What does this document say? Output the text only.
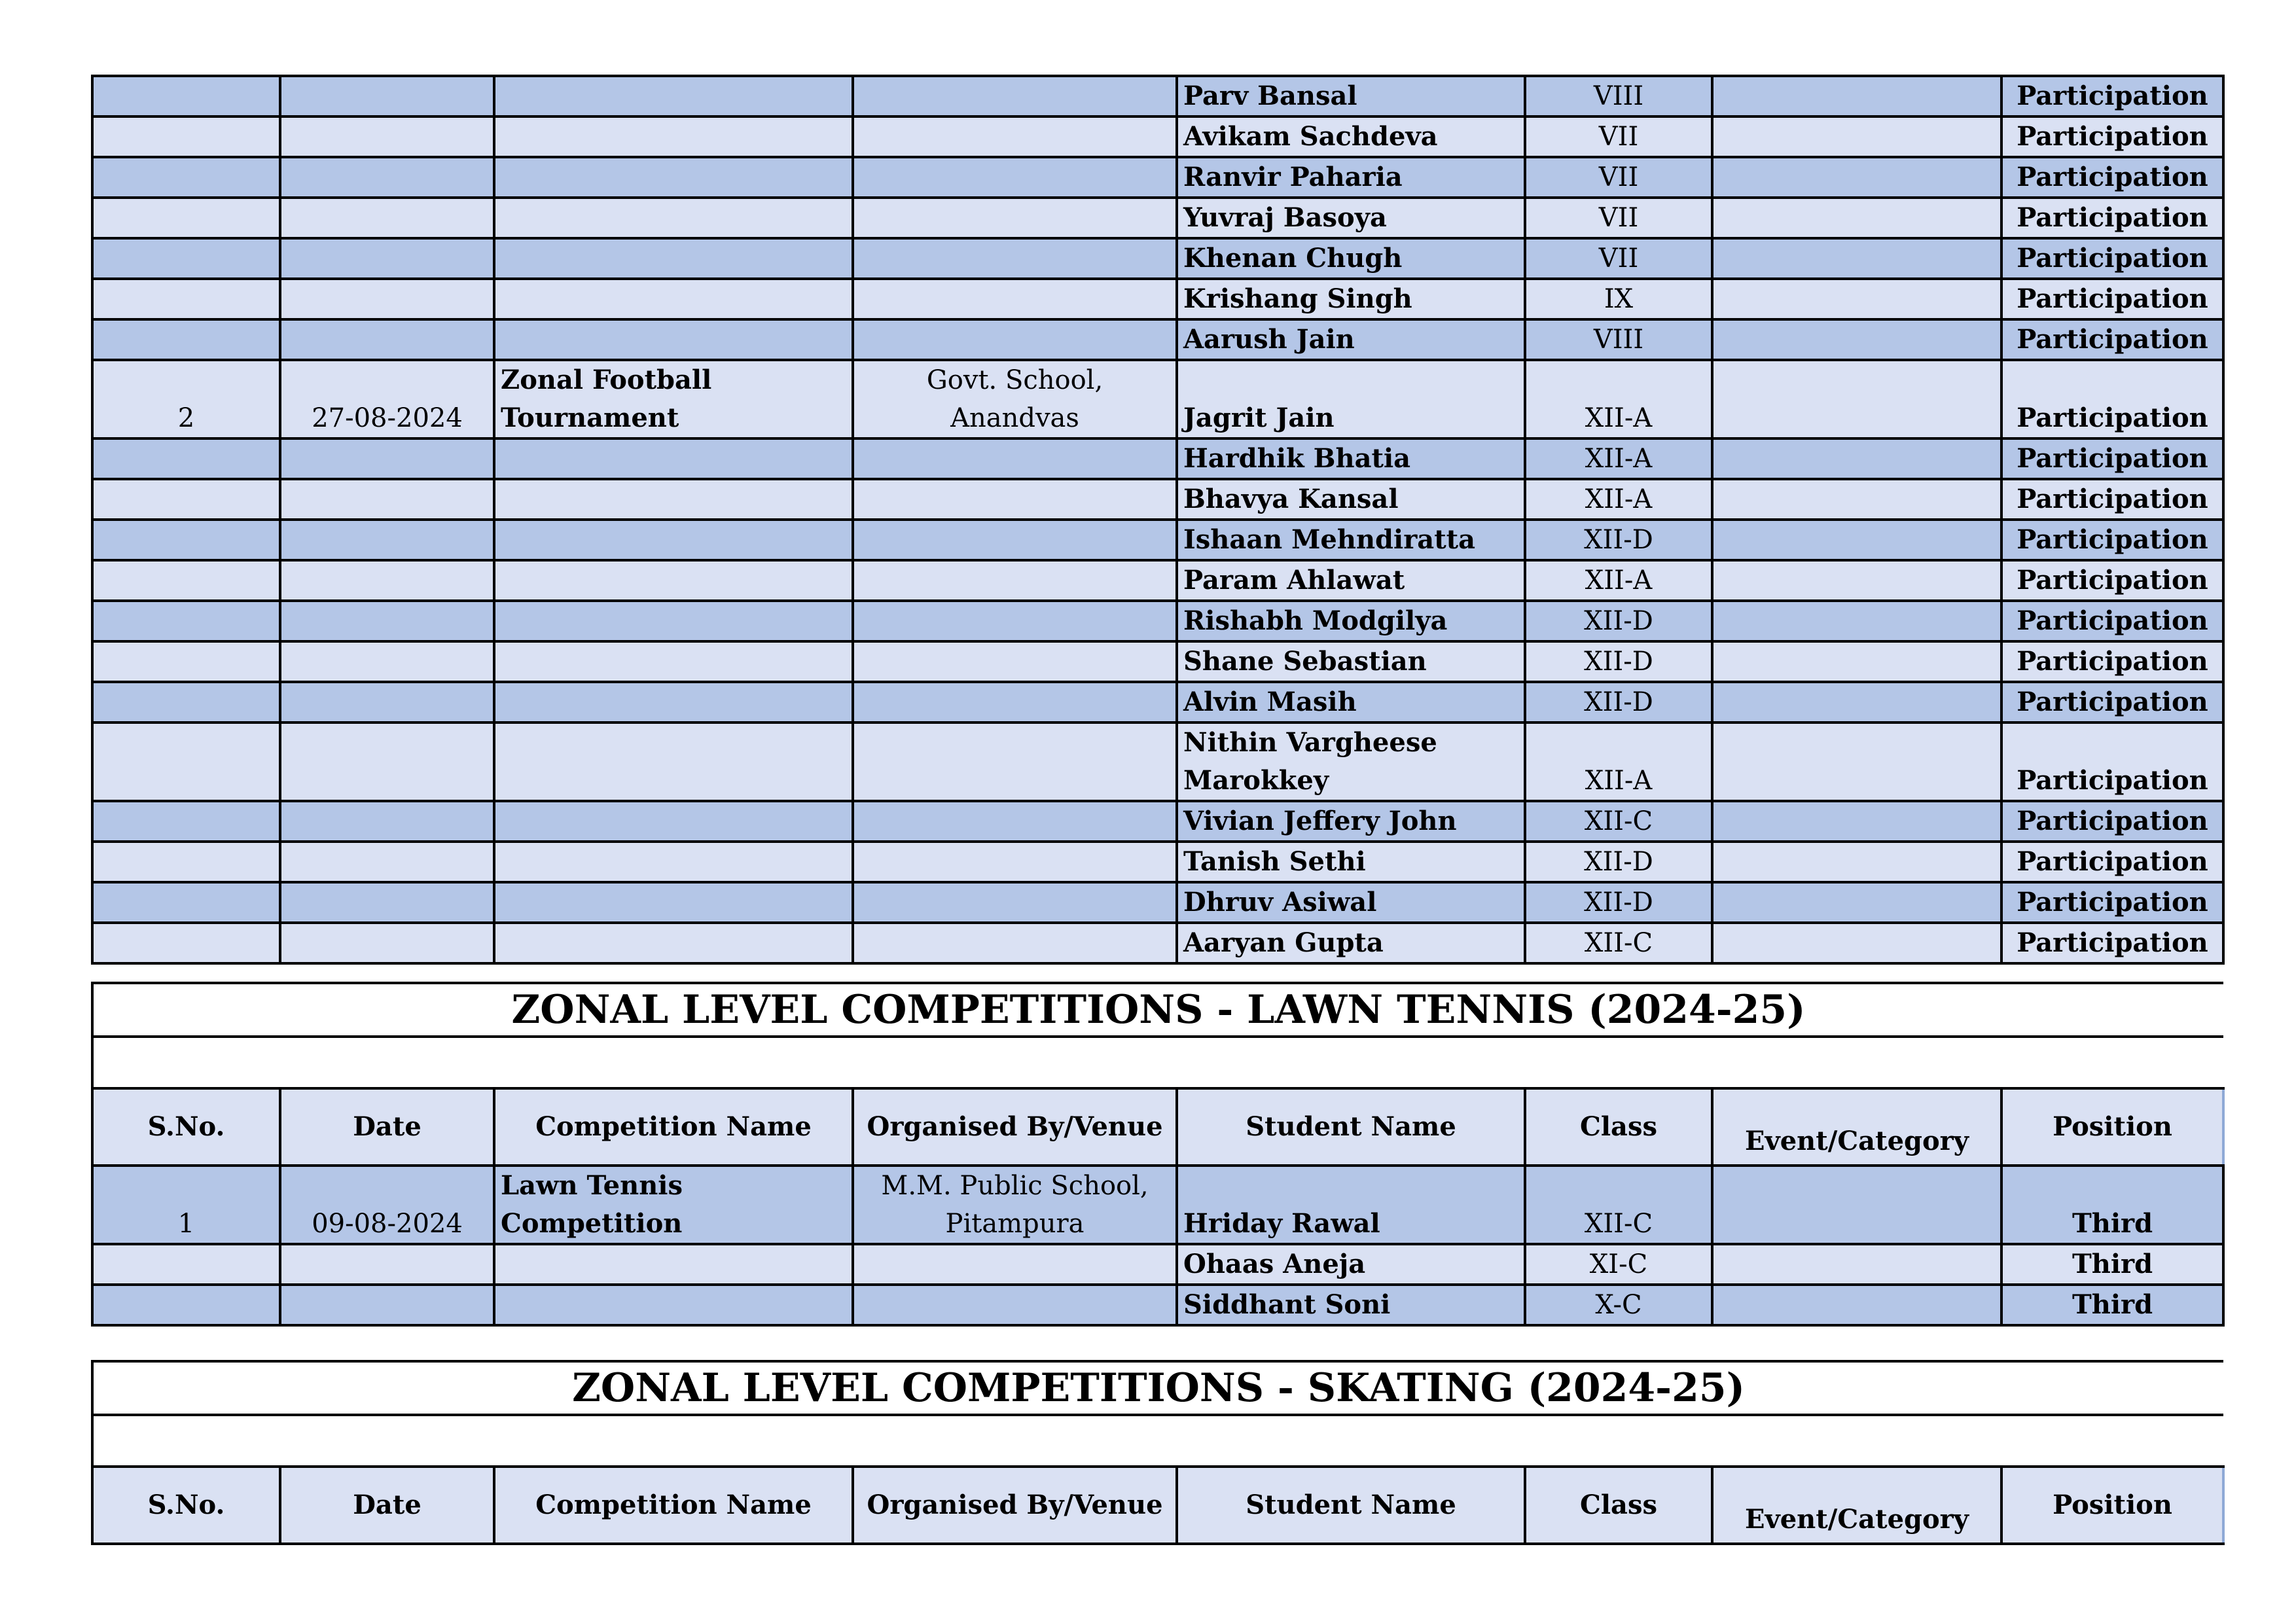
				Parv Bansal	VIII		Participation
				Avikam Sachdeva	VII		Participation
				Ranvir Paharia	VII		Participation
				Yuvraj Basoya	VII		Participation
				Khenan Chugh	VII		Participation
				Krishang Singh	IX		Participation
				Aarush Jain	VIII		Participation
2	27-08-2024	Zonal Football Tournament	Govt. School, Anandvas	Jagrit Jain	XII-A		Participation
				Hardhik Bhatia	XII-A		Participation
				Bhavya Kansal	XII-A		Participation
				Ishaan Mehndiratta	XII-D		Participation
				Param Ahlawat	XII-A		Participation
				Rishabh Modgilya	XII-D		Participation
				Shane Sebastian	XII-D		Participation
				Alvin Masih	XII-D		Participation
				Nithin Vargheese Marokkey	XII-A		Participation
				Vivian Jeffery John	XII-C		Participation
				Tanish Sethi	XII-D		Participation
				Dhruv Asiwal	XII-D		Participation
				Aaryan Gupta	XII-C		Participation
ZONAL LEVEL COMPETITIONS - LAWN TENNIS (2024-25)							

S.No.	Date	Competition Name	Organised By/Venue	Student Name	Class	Event/Category	Position
1	09-08-2024	Lawn Tennis Competition	M.M. Public School, Pitampura	Hriday Rawal	XII-C		Third
				Ohaas Aneja	XI-C		Third
				Siddhant Soni	X-C		Third
ZONAL LEVEL COMPETITIONS - SKATING (2024-25)

S.No.	Date	Competition Name	Organised By/Venue	Student Name	Class	Event/Category	Position
